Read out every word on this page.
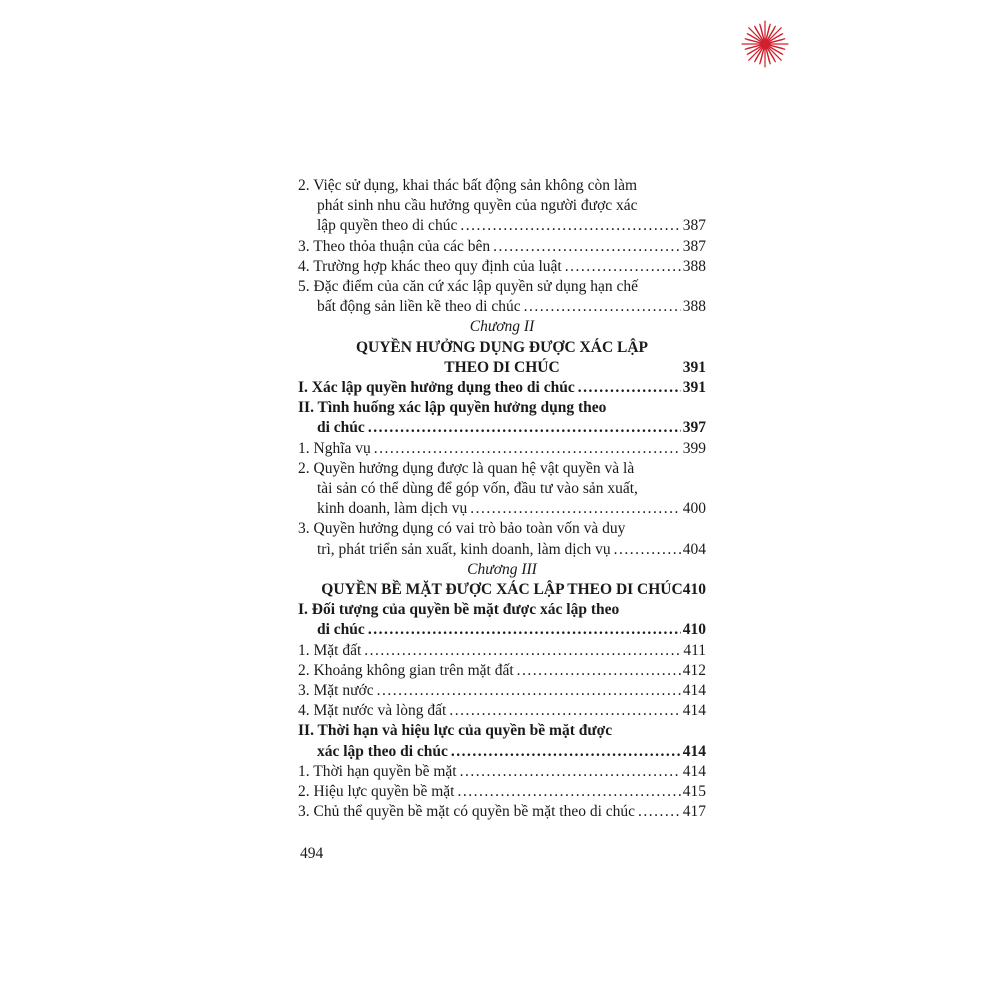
2. Việc sử dụng, khai thác bất động sản không còn làm
phát sinh nhu cầu hưởng quyền của người được xác
lập quyền theo di chúc .....	387
3. Theo thỏa thuận của các bên .....	387
4. Trường hợp khác theo quy định của luật .....	388
5. Đặc điểm của căn cứ xác lập quyền sử dụng hạn chế
bất động sản liền kề theo di chúc .....	388
Chương II
QUYỀN HƯỞNG DỤNG ĐƯỢC XÁC LẬP
THEO DI CHÚC	391
I. Xác lập quyền hưởng dụng theo di chúc .....	391
II. Tình huống xác lập quyền hưởng dụng theo
di chúc .....	397
1. Nghĩa vụ .....	399
2. Quyền hưởng dụng được là quan hệ vật quyền và là
tài sản có thể dùng để góp vốn, đầu tư vào sản xuất,
kinh doanh, làm dịch vụ .....	400
3. Quyền hưởng dụng có vai trò bảo toàn vốn và duy
trì, phát triển sản xuất, kinh doanh, làm dịch vụ .....	404
Chương III
QUYỀN BỀ MẶT ĐƯỢC XÁC LẬP THEO DI CHÚC 410
I. Đối tượng của quyền bề mặt được xác lập theo
di chúc .....	410
1. Mặt đất .....	411
2. Khoảng không gian trên mặt đất .....	412
3. Mặt nước .....	414
4. Mặt nước và lòng đất .....	414
II. Thời hạn và hiệu lực của quyền bề mặt được
xác lập theo di chúc .....	414
1. Thời hạn quyền bề mặt .....	414
2. Hiệu lực quyền bề mặt .....	415
3. Chủ thể quyền bề mặt có quyền bề mặt theo di chúc .....	417
494
